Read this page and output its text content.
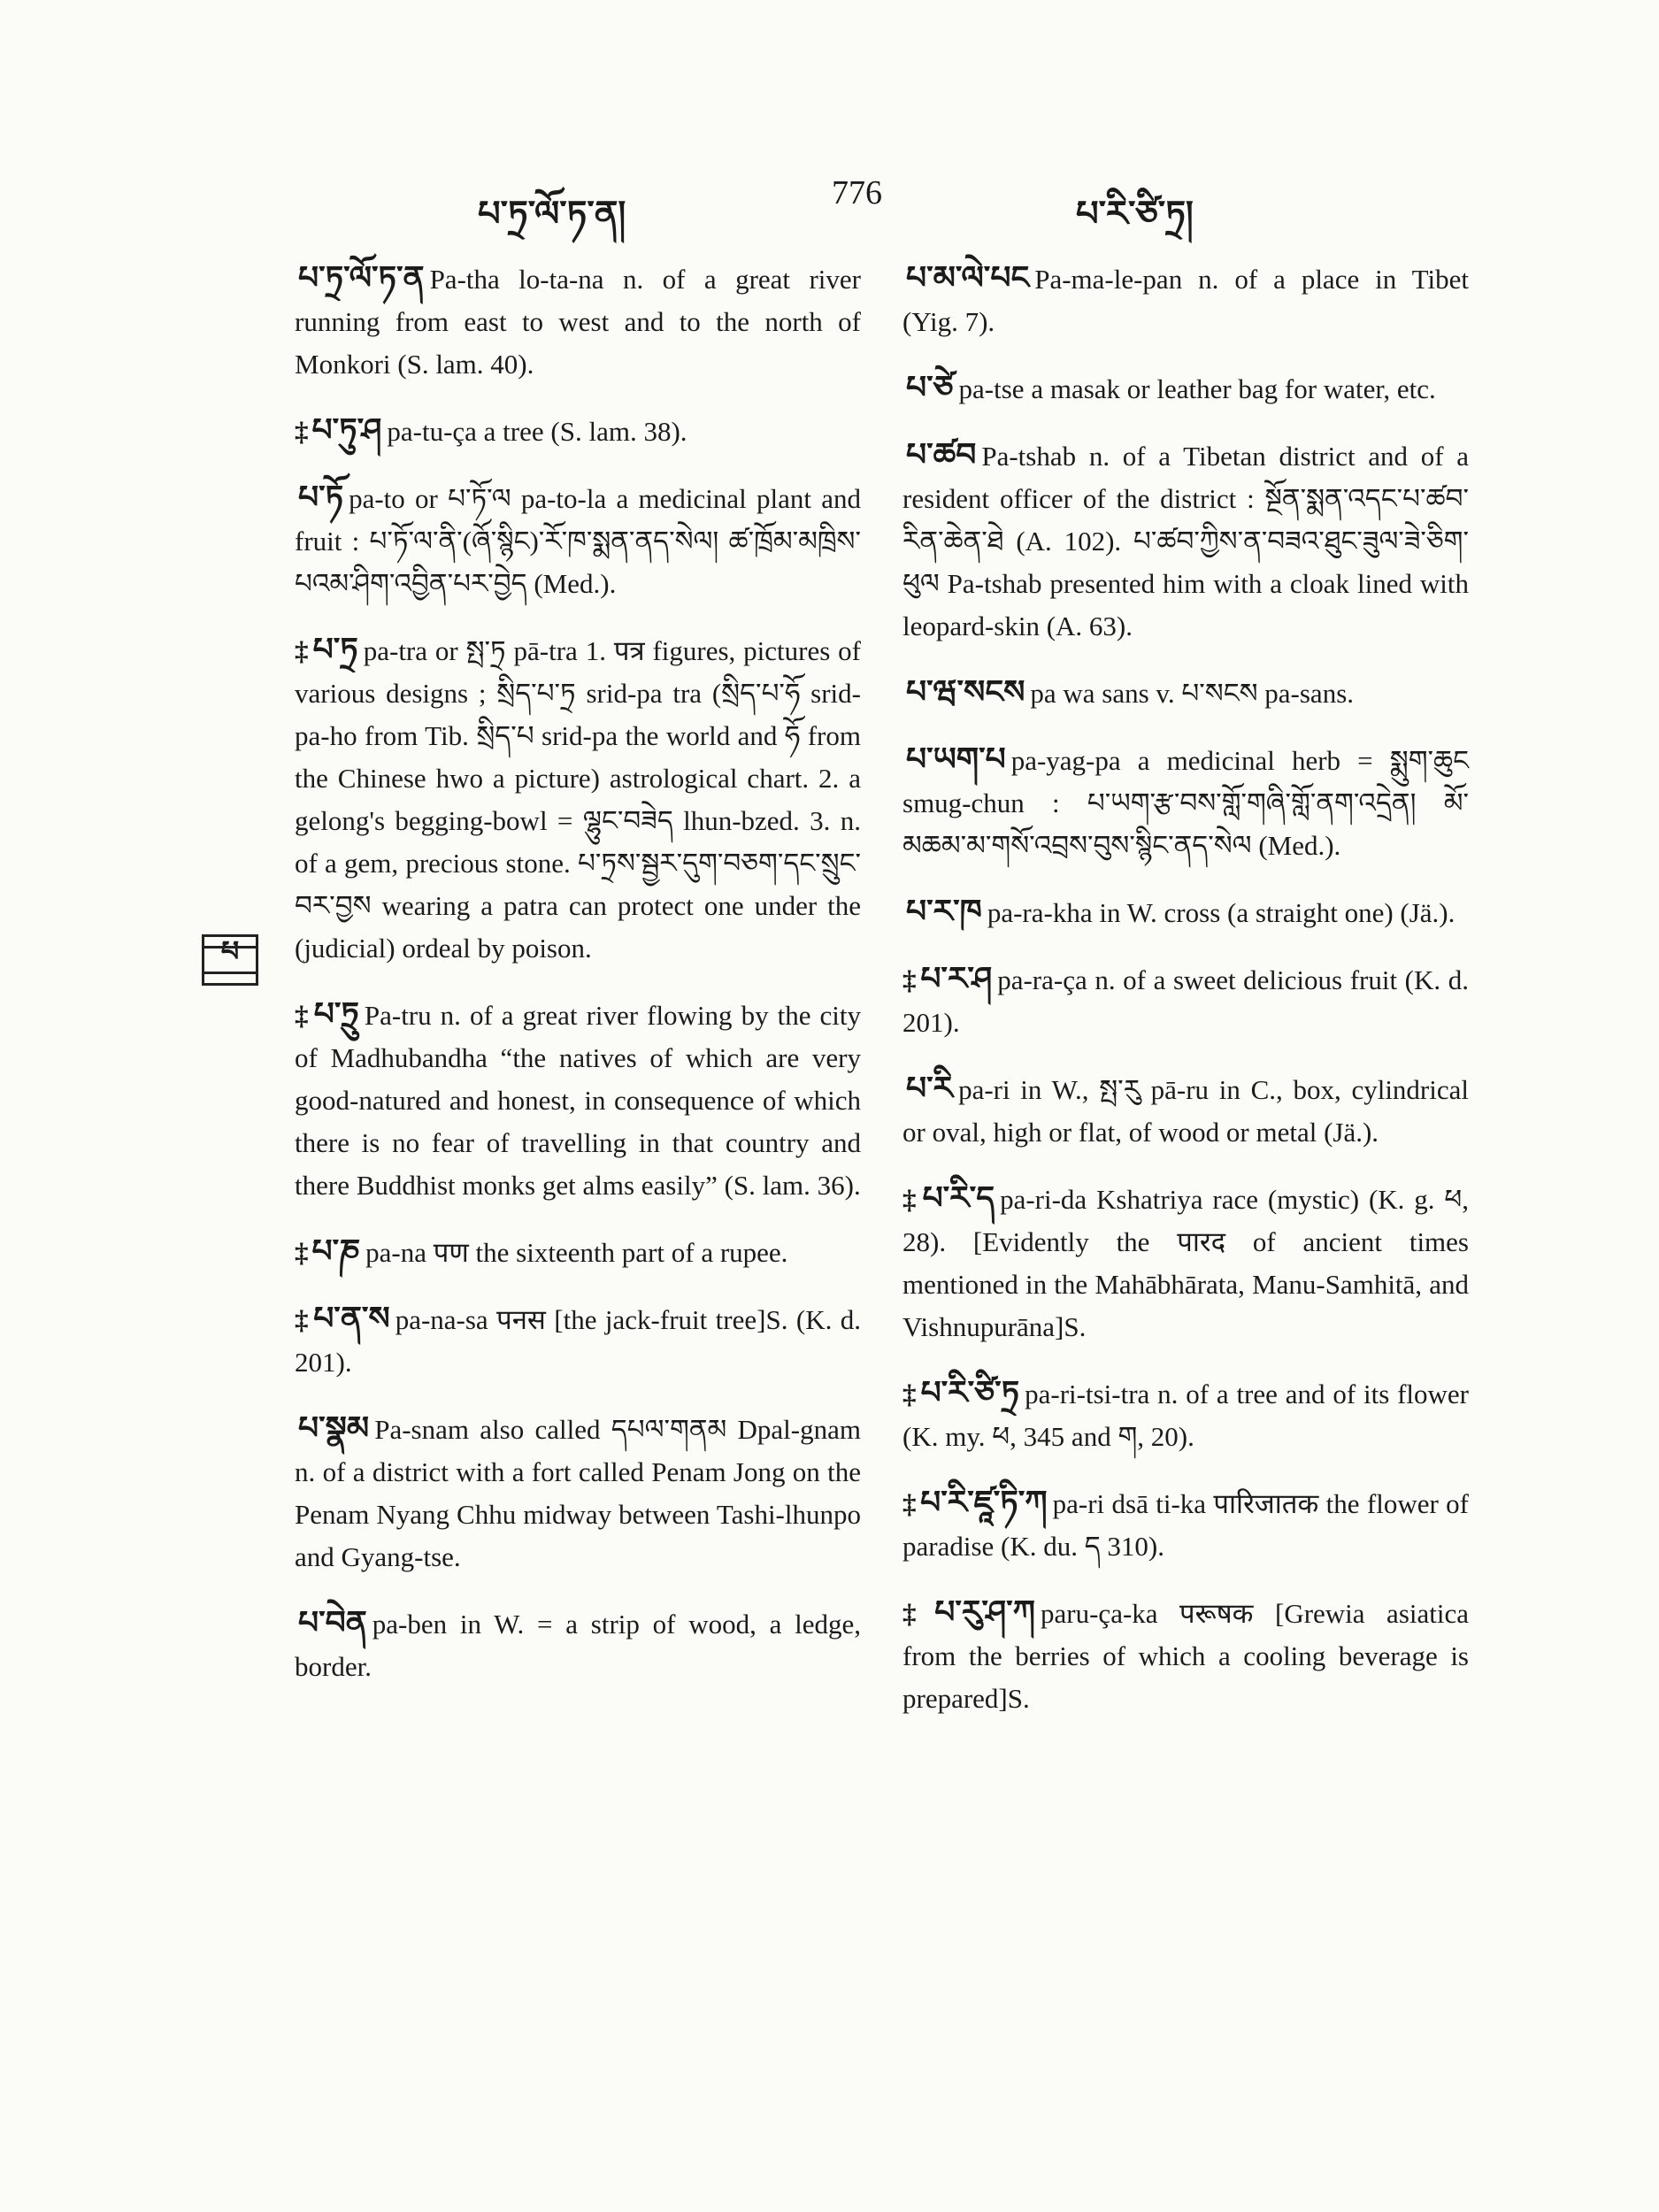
པ་ཏྲ་ལོ་ཏ་ན།
776
པ་རི་ཙི་ཏྲ།
པ

པ་ཏྲ་ལོ་ཏ་ན Pa-tha lo-ta-na n. of a great river running from east to west and to the north of Monkori (S. lam. 40).

‡ པ་ཏུ་ཤ pa-tu-ça a tree (S. lam. 38).

པ་ཏོ pa-to or པ་ཏོ་ལ pa-to-la a medicinal plant and fruit : པ་ཏོ་ལ་ནི་(ཞོ་སྙིང)་རོ་ཁ་སྨན་ནད་སེལ། ཚ་ཁྲོམ་མཁྲིས་པའམ་ཤིག་འབྱིན་པར་བྱེད (Med.).

‡ པ་ཏྲ pa-tra or སྤ་ཏྲ pā-tra 1. पत्र figures, pictures of various designs ; སྲིད་པ་ཏྲ srid-pa tra (སྲིད་པ་ཧོ srid-pa-ho from Tib. སྲིད་པ srid-pa the world and ཧོ from the Chinese hwo a picture) astrological chart. 2. a gelong's begging-bowl = ལྷུང་བཟེད lhun-bzed. 3. n. of a gem, precious stone. པ་ཏྲས་སྦྱར་དུག་བཅག་དང་སྲུང་བར་བྱས wearing a patra can protect one under the (judicial) ordeal by poison.

‡ པ་ཏྲུ Pa-tru n. of a great river flowing by the city of Madhubandha “the natives of which are very good-natured and honest, in consequence of which there is no fear of travelling in that country and there Buddhist monks get alms easily” (S. lam. 36).

‡ པ་ཎ pa-na पण the sixteenth part of a rupee.

‡ པ་ན་ས pa-na-sa पनस [the jack-fruit tree]S. (K. d. 201).

པ་སྣམ Pa-snam also called དཔལ་གནམ Dpal-gnam n. of a district with a fort called Penam Jong on the Penam Nyang Chhu midway between Tashi-lhunpo and Gyang-tse.

པ་བེན pa-ben in W. = a strip of wood, a ledge, border.

པ་མ་ལེ་པང Pa-ma-le-pan n. of a place in Tibet (Yig. 7).

པ་ཙེ pa-tse a masak or leather bag for water, etc.

པ་ཚབ Pa-tshab n. of a Tibetan district and of a resident officer of the district : སྔོན་སྨན་འདང་པ་ཚབ་རིན་ཆེན་ཐེ (A. 102). པ་ཚབ་ཀྱིས་ན་བཟའ་ཐུང་ཟུལ་ཟེ་ཅིག་ཕུལ Pa-tshab presented him with a cloak lined with leopard-skin (A. 63).

པ་ཝ་སངས pa wa sans v. པ་སངས pa-sans.

པ་ཡག་པ pa-yag-pa a medicinal herb = སྨུག་ཆུང smug-chun : པ་ཡག་རྩ་བས་གློ་གཞི་གློ་ནག་འདྲེན། མོ་མཆམ་མ་གསོ་འབྲས་བུས་སྙིང་ནད་སེལ (Med.).

པ་ར་ཁ pa-ra-kha in W. cross (a straight one) (Jä.).

‡ པ་ར་ཤ pa-ra-ça n. of a sweet delicious fruit (K. d. 201).

པ་རི pa-ri in W., སྤ་རུ pā-ru in C., box, cylindrical or oval, high or flat, of wood or metal (Jä.).

‡ པ་རི་ད pa-ri-da Kshatriya race (mystic) (K. g. ཕ, 28). [Evidently the पारद of ancient times mentioned in the Mahābhārata, Manu-Samhitā, and Vishnupurāna]S.

‡ པ་རི་ཙི་ཏྲ pa-ri-tsi-tra n. of a tree and of its flower (K. my. ཕ, 345 and ག, 20).

‡ པ་རི་ཛཱ་ཏི་ཀ pa-ri dsā ti-ka पारिजातक the flower of paradise (K. du. ད 310).

‡ པ་རུ་ཤ་ཀ paru-ça-ka परूषक [Grewia asiatica from the berries of which a cooling beverage is prepared]S.
